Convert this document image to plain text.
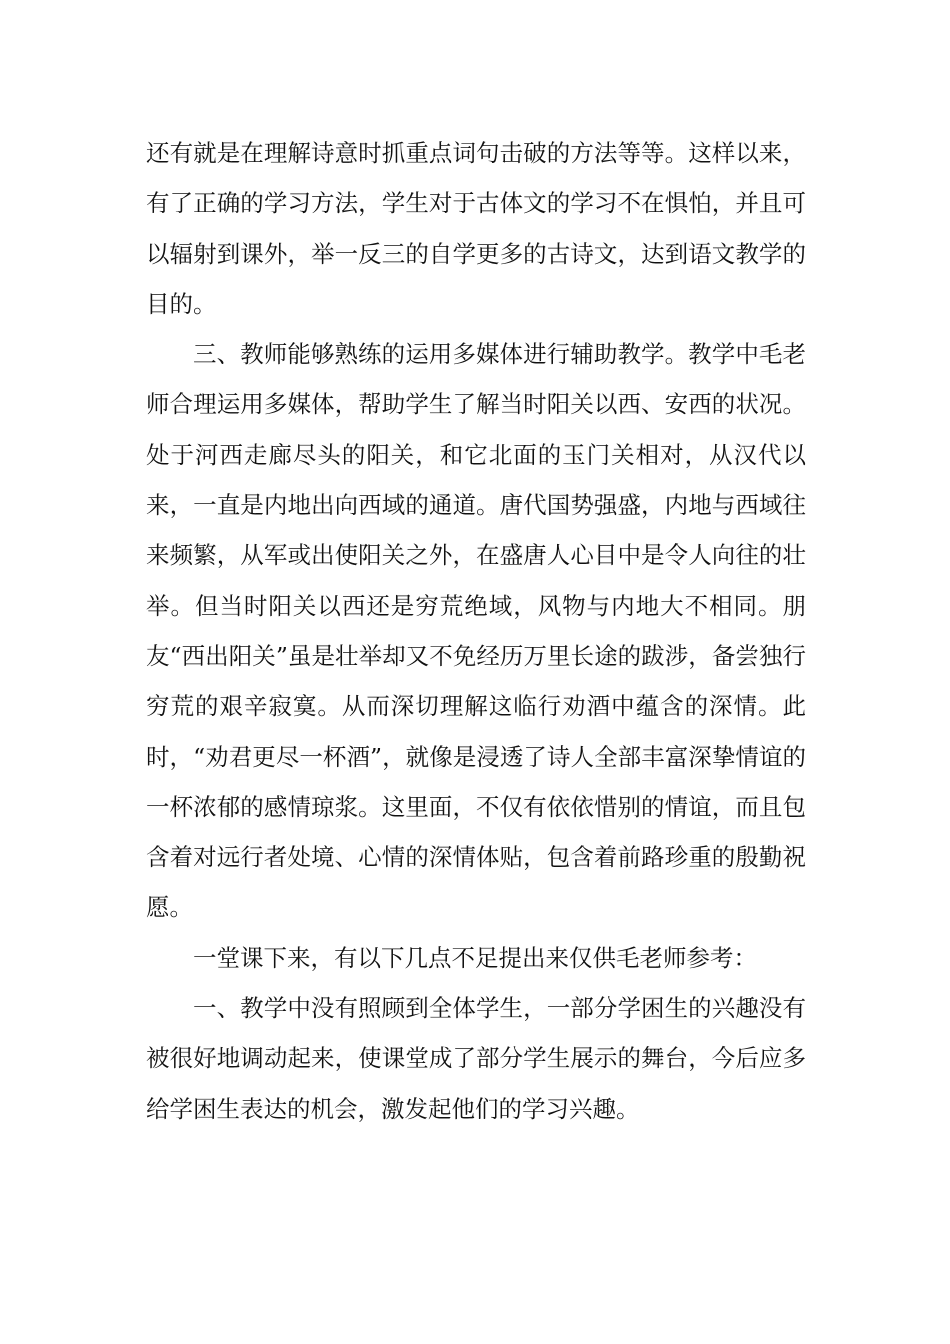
还有就是在理解诗意时抓重点词句击破的方法等等。这样以来，有了正确的学习方法，学生对于古体文的学习不在惧怕，并且可以辐射到课外，举一反三的自学更多的古诗文，达到语文教学的目的。

三、教师能够熟练的运用多媒体进行辅助教学。教学中毛老师合理运用多媒体，帮助学生了解当时阳关以西、安西的状况。处于河西走廊尽头的阳关，和它北面的玉门关相对，从汉代以来，一直是内地出向西域的通道。唐代国势强盛，内地与西域往来频繁，从军或出使阳关之外，在盛唐人心目中是令人向往的壮举。但当时阳关以西还是穷荒绝域，风物与内地大不相同。朋友“西出阳关”虽是壮举却又不免经历万里长途的跋涉，备尝独行穷荒的艰辛寂寞。从而深切理解这临行劝酒中蕴含的深情。此时，“劝君更尽一杯酒”，就像是浸透了诗人全部丰富深挚情谊的一杯浓郁的感情琼浆。这里面，不仅有依依惜别的情谊，而且包含着对远行者处境、心情的深情体贴，包含着前路珍重的殷勤祝愿。

一堂课下来，有以下几点不足提出来仅供毛老师参考：

一、教学中没有照顾到全体学生，一部分学困生的兴趣没有被很好地调动起来，使课堂成了部分学生展示的舞台，今后应多给学困生表达的机会，激发起他们的学习兴趣。
